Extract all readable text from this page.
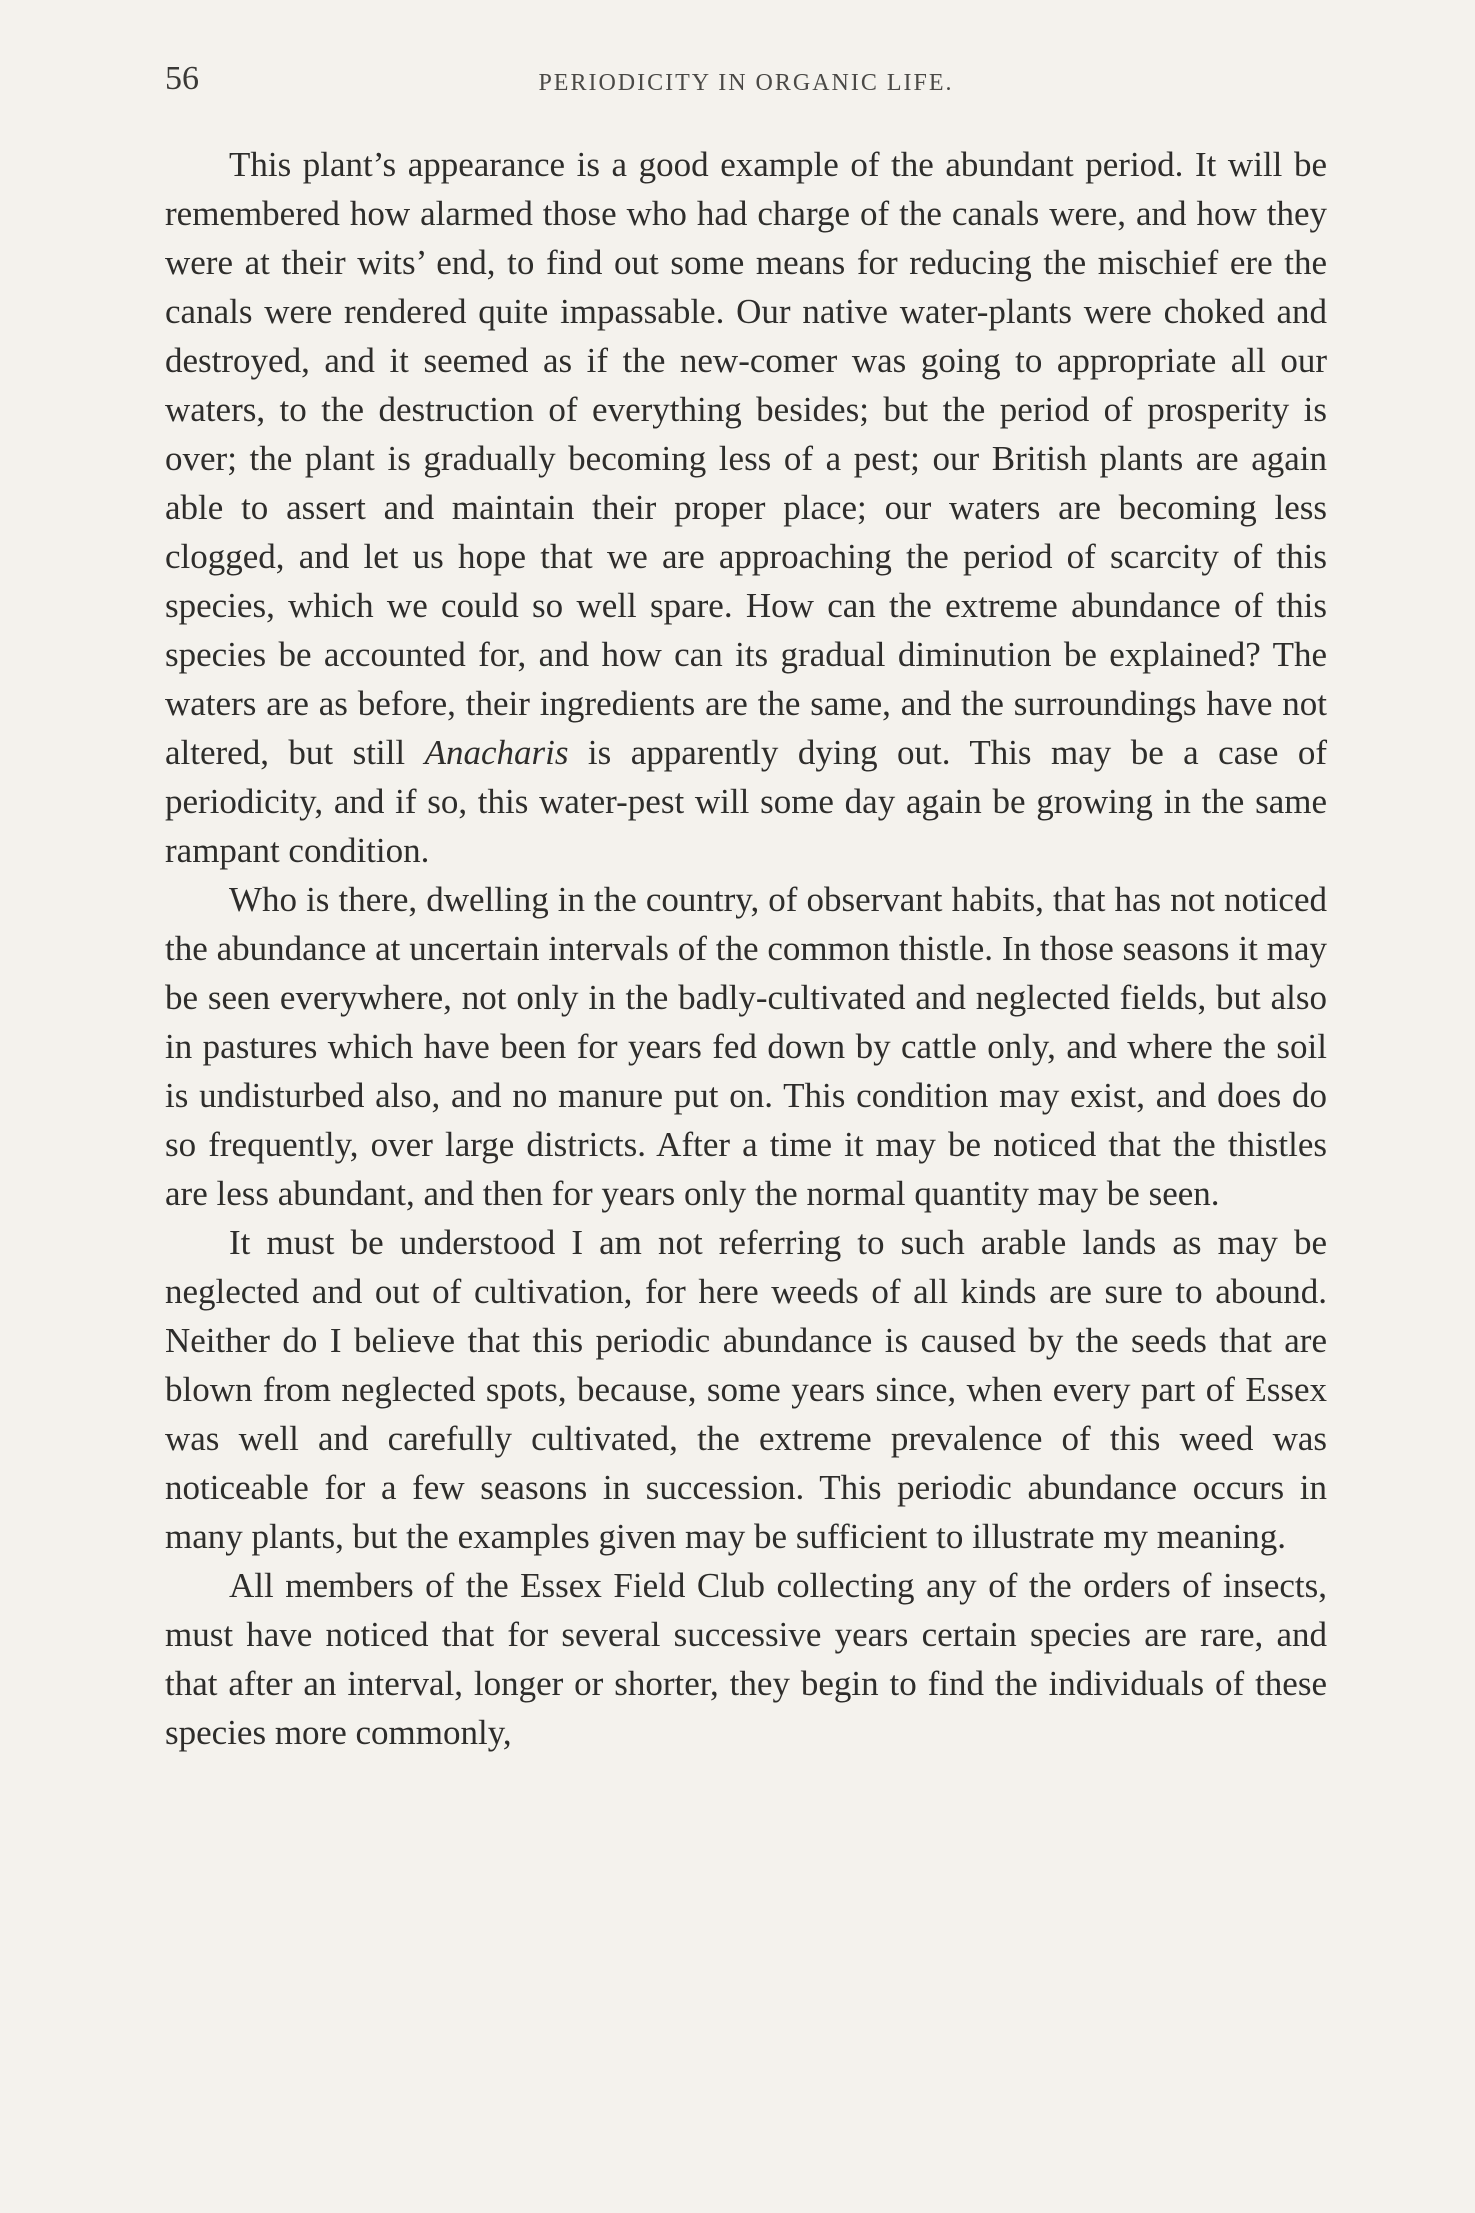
56	PERIODICITY IN ORGANIC LIFE.

This plant’s appearance is a good example of the abundant period. It will be remembered how alarmed those who had charge of the canals were, and how they were at their wits’ end, to find out some means for reducing the mischief ere the canals were rendered quite impassable. Our native water-plants were choked and destroyed, and it seemed as if the new-comer was going to appropriate all our waters, to the destruction of everything besides; but the period of prosperity is over; the plant is gradually becoming less of a pest; our British plants are again able to assert and maintain their proper place; our waters are becoming less clogged, and let us hope that we are approaching the period of scarcity of this species, which we could so well spare. How can the extreme abundance of this species be accounted for, and how can its gradual diminution be explained? The waters are as before, their ingredients are the same, and the surroundings have not altered, but still Anacharis is apparently dying out. This may be a case of periodicity, and if so, this water-pest will some day again be growing in the same rampant condition.

Who is there, dwelling in the country, of observant habits, that has not noticed the abundance at uncertain intervals of the common thistle. In those seasons it may be seen everywhere, not only in the badly-cultivated and neglected fields, but also in pastures which have been for years fed down by cattle only, and where the soil is undisturbed also, and no manure put on. This condition may exist, and does do so frequently, over large districts. After a time it may be noticed that the thistles are less abundant, and then for years only the normal quantity may be seen.

It must be understood I am not referring to such arable lands as may be neglected and out of cultivation, for here weeds of all kinds are sure to abound. Neither do I believe that this periodic abundance is caused by the seeds that are blown from neglected spots, because, some years since, when every part of Essex was well and carefully cultivated, the extreme prevalence of this weed was noticeable for a few seasons in succession. This periodic abundance occurs in many plants, but the examples given may be sufficient to illustrate my meaning.

All members of the Essex Field Club collecting any of the orders of insects, must have noticed that for several successive years certain species are rare, and that after an interval, longer or shorter, they begin to find the individuals of these species more commonly,
